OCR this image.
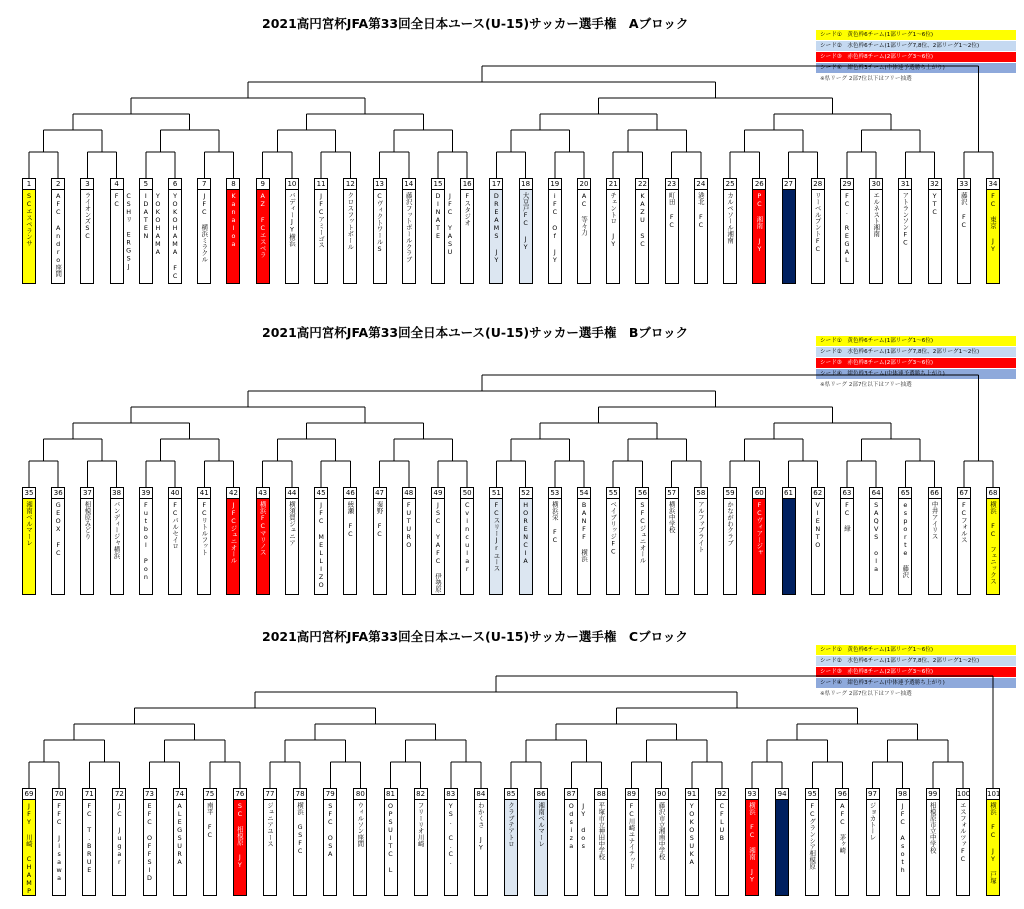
2021高円宮杯JFA第33回全日本ユース(U-15)サッカー選手権　Aブロック
シード①　黄色枠6チーム(1部リーグ1～6位)
シード②　水色枠6チーム(1部リーグ7,8位、2部リーグ1～2位)
シード③　赤色枠8チーム(2部リーグ3～6位)
シード④　紺色枠3チーム(中体連予選勝ち上がり)
※県リーグ 2部7位以下はフリー抽選
1
SCエスペランサ
2
AFC Andro座間
3
ライオンズSC
4
CSHリ ERGSJ FC
5
YOKOHAMA IDATEN
6
YOKOHAMA FC
7
JFC 横浜ミラクル
8
Kanaloa
9
AZ FCエスペラ
10
バディーJY横浜
11
JFCアミーゴス
12
クロスフットボール
13
CヴィクトワールS
14
藤沢フットボールクラブ
15
JFC YASU DINATE
16
Fスタジオ
17
DREAMS JY
18
大豆戸FC JY
19
iFC Of JY
20
AC 等々力
21
チェントロ JY
22
KAZU SC
23
町田 FC
24
港北 FC
25
カルペソール湘南
26
PC 湘南 JY
27	28
リーベルプントFC
29
FC. REGAL
30
エルネスト湘南
31
アトランソンFC
32
YTC
33
藤沢 FC
34
FC 東京 JY
2021高円宮杯JFA第33回全日本ユース(U-15)サッカー選手権　Bブロック
シード①　黄色枠6チーム(1部リーグ1～6位)
シード②　水色枠6チーム(1部リーグ7,8位、2部リーグ1～2位)
シード③　赤色枠8チーム(2部リーグ3～6位)
シード④　紺色枠3チーム(中体連予選勝ち上がり)
※県リーグ 2部7位以下はフリー抽選
35
湘南ベルマーレ
36
GEOX FC
37
相模原みどり
38
バンディージャ横浜
39
Futbol Pon
40
FCパルセイロ
41
FCリトルフット
42
JFCジュニオール
43
横浜FCマリノス
44
横須賀ジュニア
45
JFC MELLIZO
46
綾瀬 FC
47
秦野 FC
48
FUTURO
49
JSC YAFC 伊勢原
50
Cvincular
51
FCスリーJrユース
52
HORENCIA
53
横浜栄 FC
54
BANFF 横浜
55
ベイブリッジFC
56
SFCジュニオール
57
横浜中学校
58
アルファブライト
59
かながわクラブ
60
FCヴィアージャ
61	62
VIENTO
63
FC 緑
64
SAQVS ola
65
esporte 藤沢
66
中井アイリス
67
FCフォルス
68
横浜 FC フェニックス
2021高円宮杯JFA第33回全日本ユース(U-15)サッカー選手権　Cブロック
シード①　黄色枠6チーム(1部リーグ1～6位)
シード②　水色枠6チーム(1部リーグ7,8位、2部リーグ1～2位)
シード③　赤色枠8チーム(2部リーグ3～6位)
シード④　紺色枠3チーム(中体連予選勝ち上がり)
※県リーグ 2部7位以下はフリー抽選
69
JFY 川崎 CHAMP
70
FFC Jisawa
71
FC T.BRUE
72
JC Jugar
73
EFC OFFSID
74
ALEGSURA
75
南平 FC
76
SC 相模原 JY
77
ジュニアユース
78
横浜 GSFC
79
SFC OSA
80
ウィルソン座間
81
OPSUITC L
82
フリーリオ川崎
83
YS. C.C.
84
わかくさ JY
85
クラブテアトロ
86
湘南ベルマーレ
87
JY dos Odsiza
88
平塚市立神田中学校
89
FC川崎ユナイテッド
90
藤沢市立湘南中学校
91
YOKOSUKA
92
CFLUB
93
横浜 FC 湘南 JY
94	95
FCグランシア相模原
96
AFC 茅ヶ崎
97
ジョカトーレ
98
JFC Asoth
99
相模原市立中学校
100
エスフォルツァFC
101
横浜 FC JY 戸塚
